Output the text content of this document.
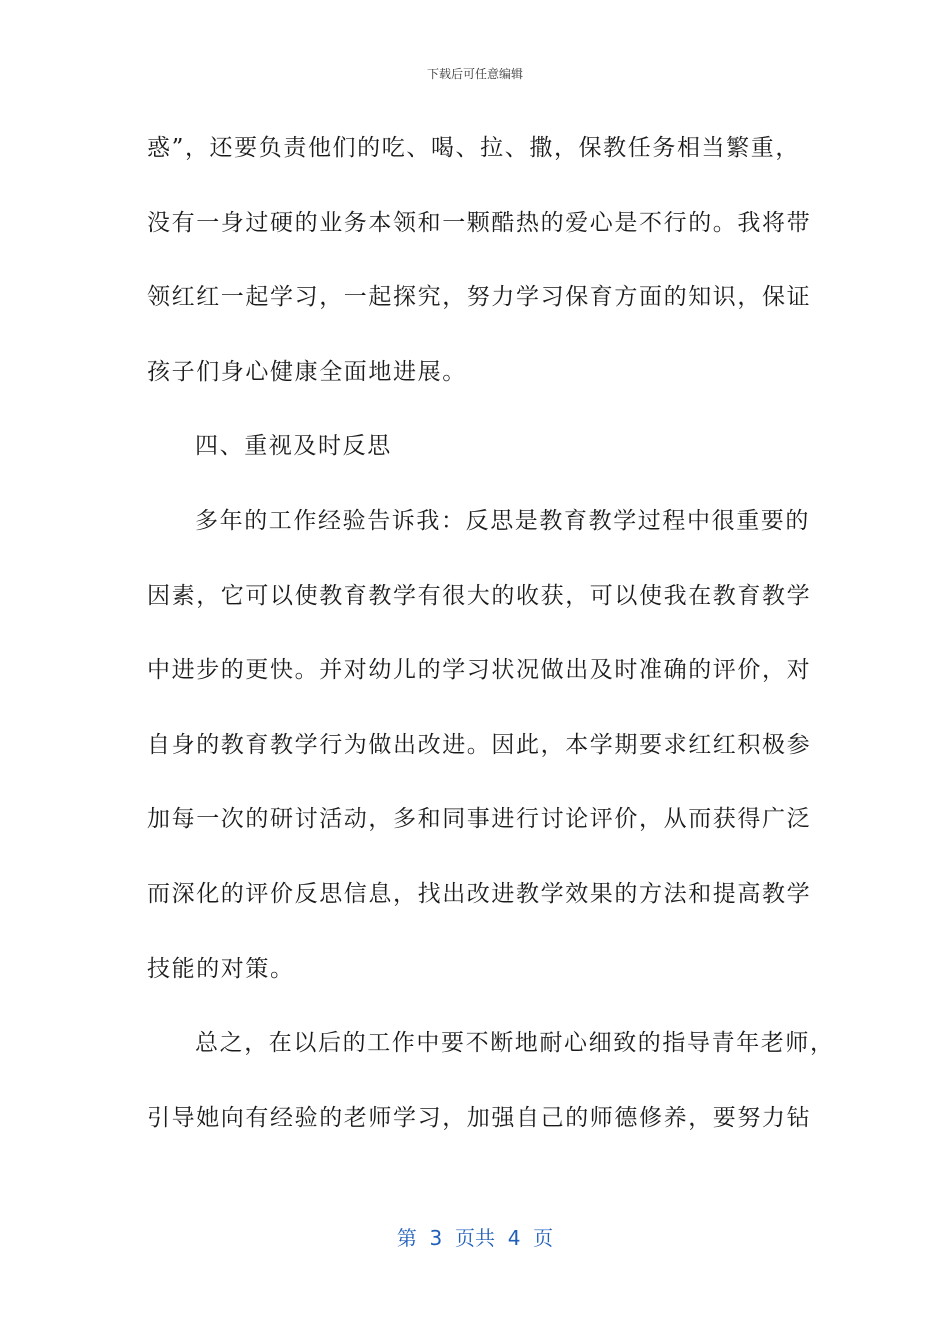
下载后可任意编辑
惑”，还要负责他们的吃、喝、拉、撒，保教任务相当繁重，
没有一身过硬的业务本领和一颗酷热的爱心是不行的。我将带
领红红一起学习，一起探究，努力学习保育方面的知识，保证
孩子们身心健康全面地进展。
四、重视及时反思
多年的工作经验告诉我：反思是教育教学过程中很重要的
因素，它可以使教育教学有很大的收获，可以使我在教育教学
中进步的更快。并对幼儿的学习状况做出及时准确的评价，对
自身的教育教学行为做出改进。因此，本学期要求红红积极参
加每一次的研讨活动，多和同事进行讨论评价，从而获得广泛
而深化的评价反思信息，找出改进教学效果的方法和提高教学
技能的对策。
总之，在以后的工作中要不断地耐心细致的指导青年老师，
引导她向有经验的老师学习，加强自己的师德修养，要努力钻
第  3  页共  4  页
